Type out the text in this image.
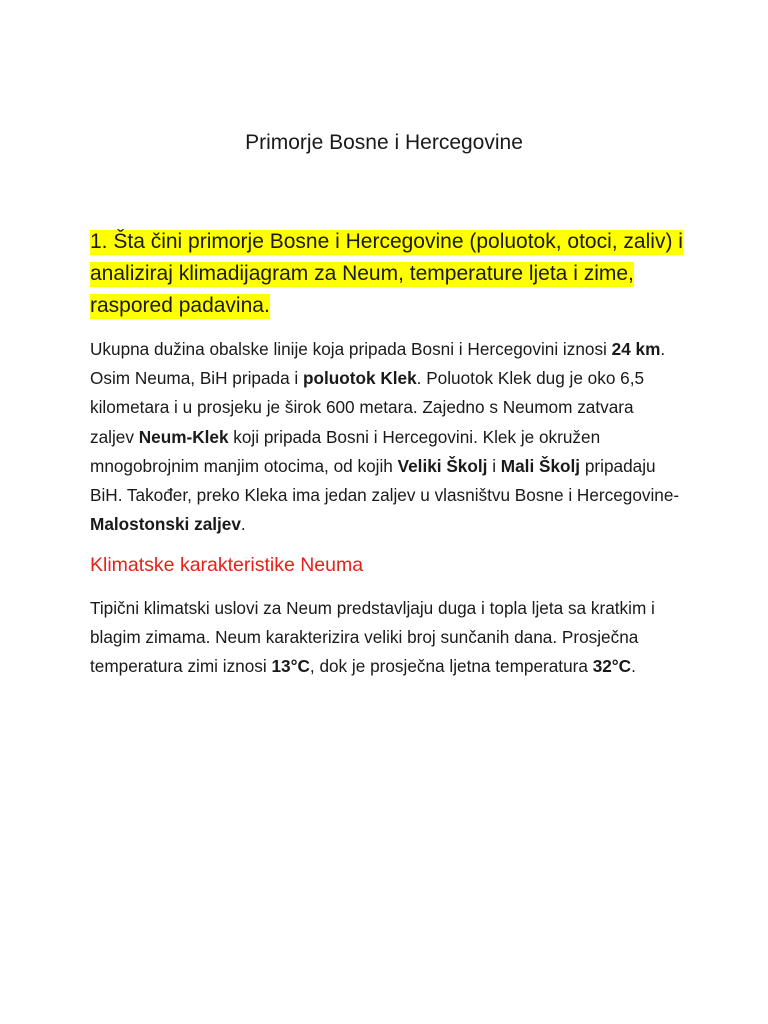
Primorje Bosne i Hercegovine
1. Šta čini primorje Bosne i Hercegovine (poluotok, otoci, zaliv) i analiziraj klimadijagram za Neum, temperature ljeta i zime, raspored padavina.

Ukupna dužina obalske linije koja pripada Bosni i Hercegovini iznosi 24 km. Osim Neuma, BiH pripada i poluotok Klek. Poluotok Klek dug je oko 6,5 kilometara i u prosjeku je širok 600 metara. Zajedno s Neumom zatvara zaljev Neum-Klek koji pripada Bosni i Hercegovini. Klek je okružen mnogobrojnim manjim otocima, od kojih Veliki Školj i Mali Školj pripadaju BiH. Također, preko Kleka ima jedan zaljev u vlasništvu Bosne i Hercegovine- Malostonski zaljev.

Klimatske karakteristike Neuma

Tipični klimatski uslovi za Neum predstavljaju duga i topla ljeta sa kratkim i blagim zimama. Neum karakterizira veliki broj sunčanih dana. Prosječna temperatura zimi iznosi 13°C, dok je prosječna ljetna temperatura 32°C.
